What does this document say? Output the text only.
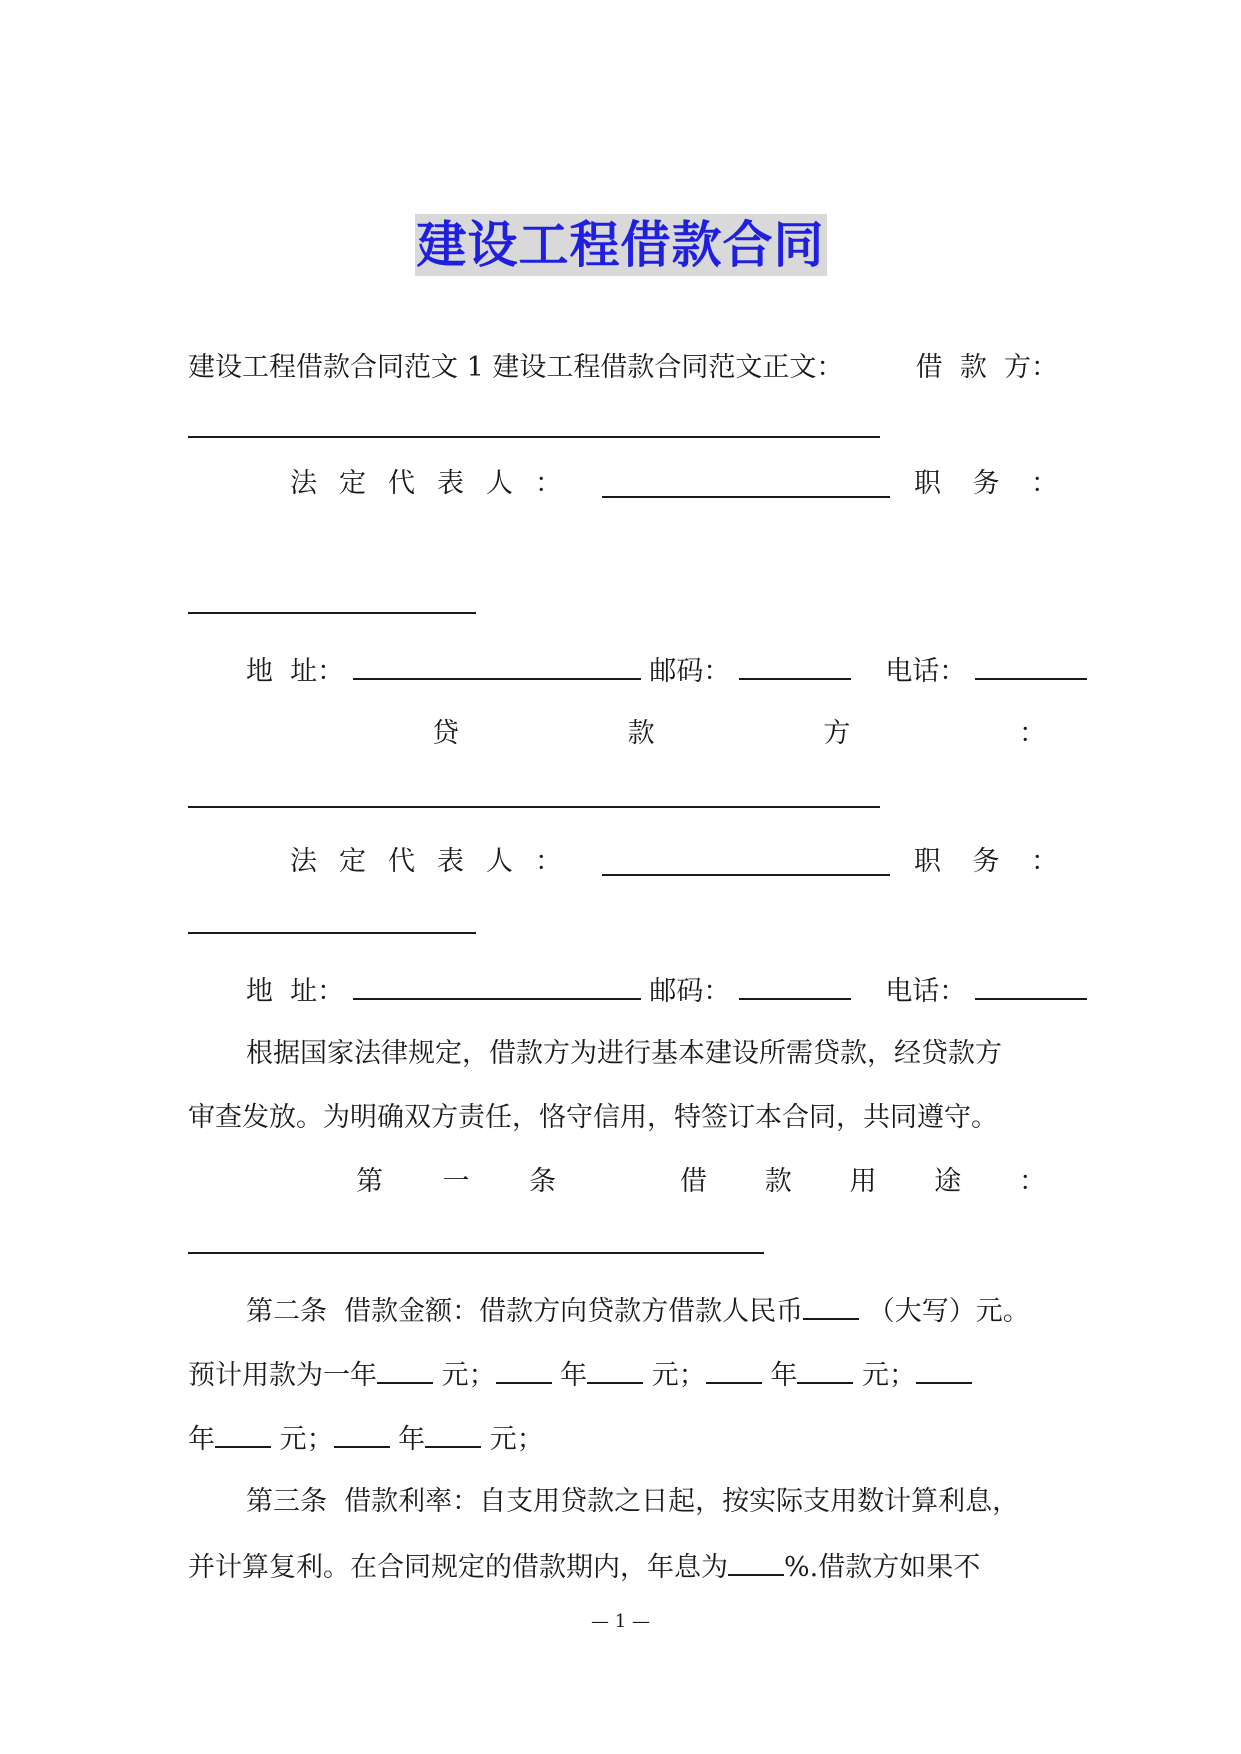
建设工程借款合同
建设工程借款合同范文 1 建设工程借款合同范文正文：	借  款  方：
法 定 代 表 人 ：	职 务 ：
地  址：	邮码：	电话：
贷	款	方	：
法 定 代 表 人 ：	职 务 ：
地  址：	邮码：	电话：
根据国家法律规定，借款方为进行基本建设所需贷款，经贷款方
审查发放。为明确双方责任，恪守信用，特签订本合同，共同遵守。
第 一 条	借 款 用 途 ：
第二条  借款金额：借款方向贷款方借款人民币 （大写）元。
预计用款为一年 元； 年 元； 年 元；
年 元； 年 元；
第三条  借款利率：自支用贷款之日起，按实际支用数计算利息，
并计算复利。在合同规定的借款期内，年息为 %.借款方如果不
— 1 —
